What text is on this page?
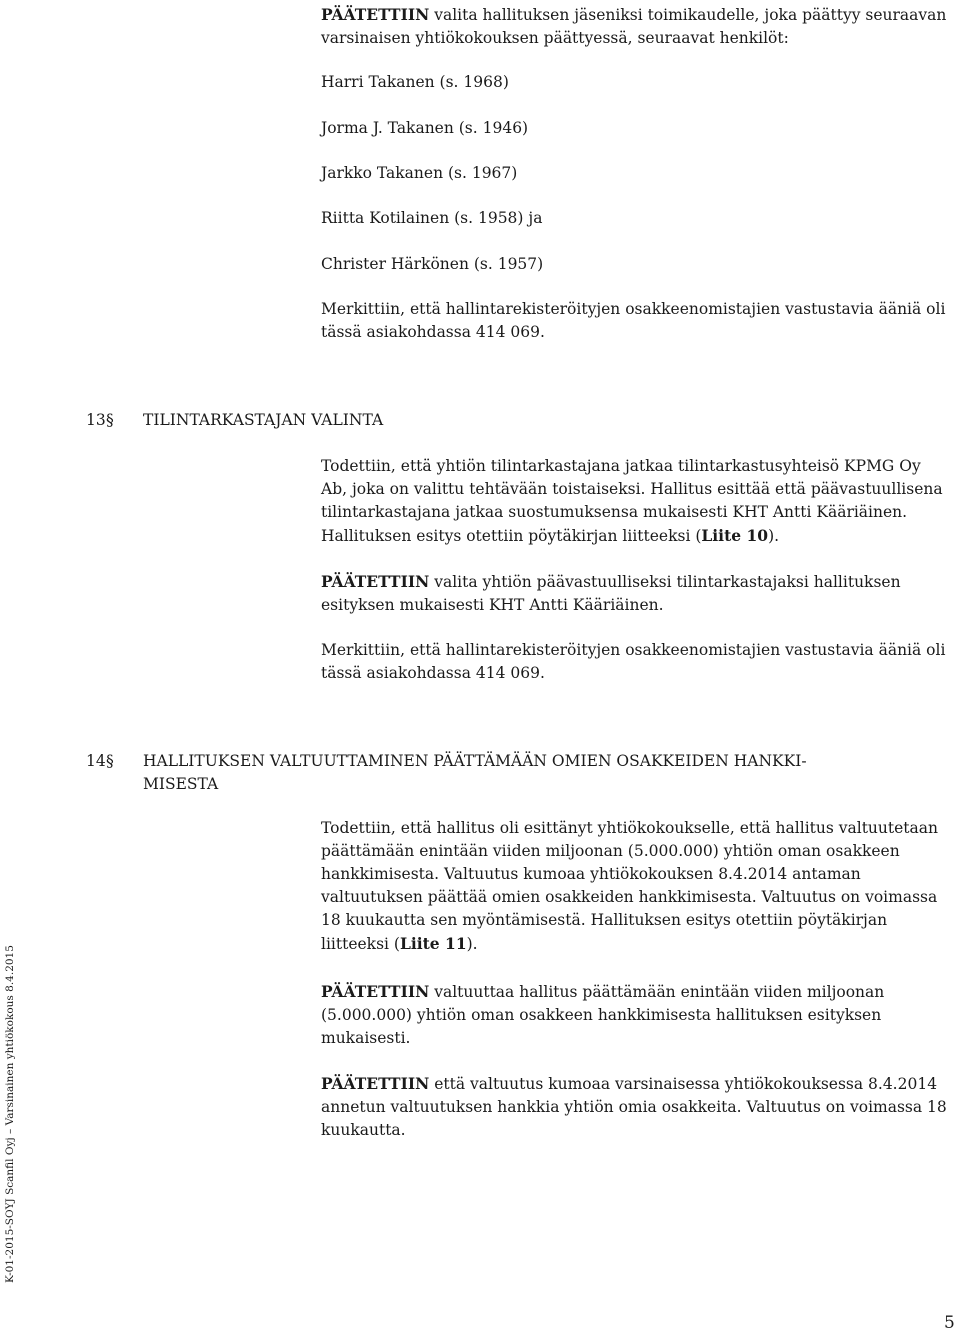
PÄÄTETTIIN valita hallituksen jäseniksi toimikaudelle, joka päättyy seuraavan varsinaisen yhtiökokouksen päättyessä, seuraavat henkilöt:

Harri Takanen (s. 1968)

Jorma J. Takanen (s. 1946)

Jarkko Takanen (s. 1967)

Riitta Kotilainen (s. 1958) ja

Christer Härkönen (s. 1957)

Merkittiin, että hallintarekisteröityjen osakkeenomistajien vastustavia ääniä oli tässä asiakohdassa 414 069.

13 § TILINTARKASTAJAN VALINTA

Todettiin, että yhtiön tilintarkastajana jatkaa tilintarkastusyhteisö KPMG Oy Ab, joka on valittu tehtävään toistaiseksi. Hallitus esittää että päävastuullisena tilintarkastajana jatkaa suostumuksensa mukaisesti KHT Antti Kääriäinen. Hallituksen esitys otettiin pöytäkirjan liitteeksi (Liite 10).

PÄÄTETTIIN valita yhtiön päävastuulliseksi tilintarkastajaksi hallituksen esityksen mukaisesti KHT Antti Kääriäinen.

Merkittiin, että hallintarekisteröityjen osakkeenomistajien vastustavia ääniä oli tässä asiakohdassa 414 069.

14 § HALLITUKSEN VALTUUTTAMINEN PÄÄTTÄMÄÄN OMIEN OSAKKEIDEN HANKKI-
MISESTA

Todettiin, että hallitus oli esittänyt yhtiökokoukselle, että hallitus valtuutetaan päättämään enintään viiden miljoonan (5.000.000) yhtiön oman osakkeen hankkimisesta. Valtuutus kumoaa yhtiökokouksen 8.4.2014 antaman valtuutuksen päättää omien osakkeiden hankkimisesta. Valtuutus on voimassa 18 kuukautta sen myöntämisestä. Hallituksen esitys otettiin pöytäkirjan liitteeksi (Liite 11).

PÄÄTETTIIN valtuuttaa hallitus päättämään enintään viiden miljoonan (5.000.000) yhtiön oman osakkeen hankkimisesta hallituksen esityksen mukaisesti.

PÄÄTETTIIN että valtuutus kumoaa varsinaisessa yhtiökokouksessa 8.4.2014 annetun valtuutuksen hankkia yhtiön omia osakkeita. Valtuutus on voimassa 18 kuukautta.

K-01-2015-SOYJ Scanfil Oyj – Varsinainen yhtiökokous 8.4.2015
5
